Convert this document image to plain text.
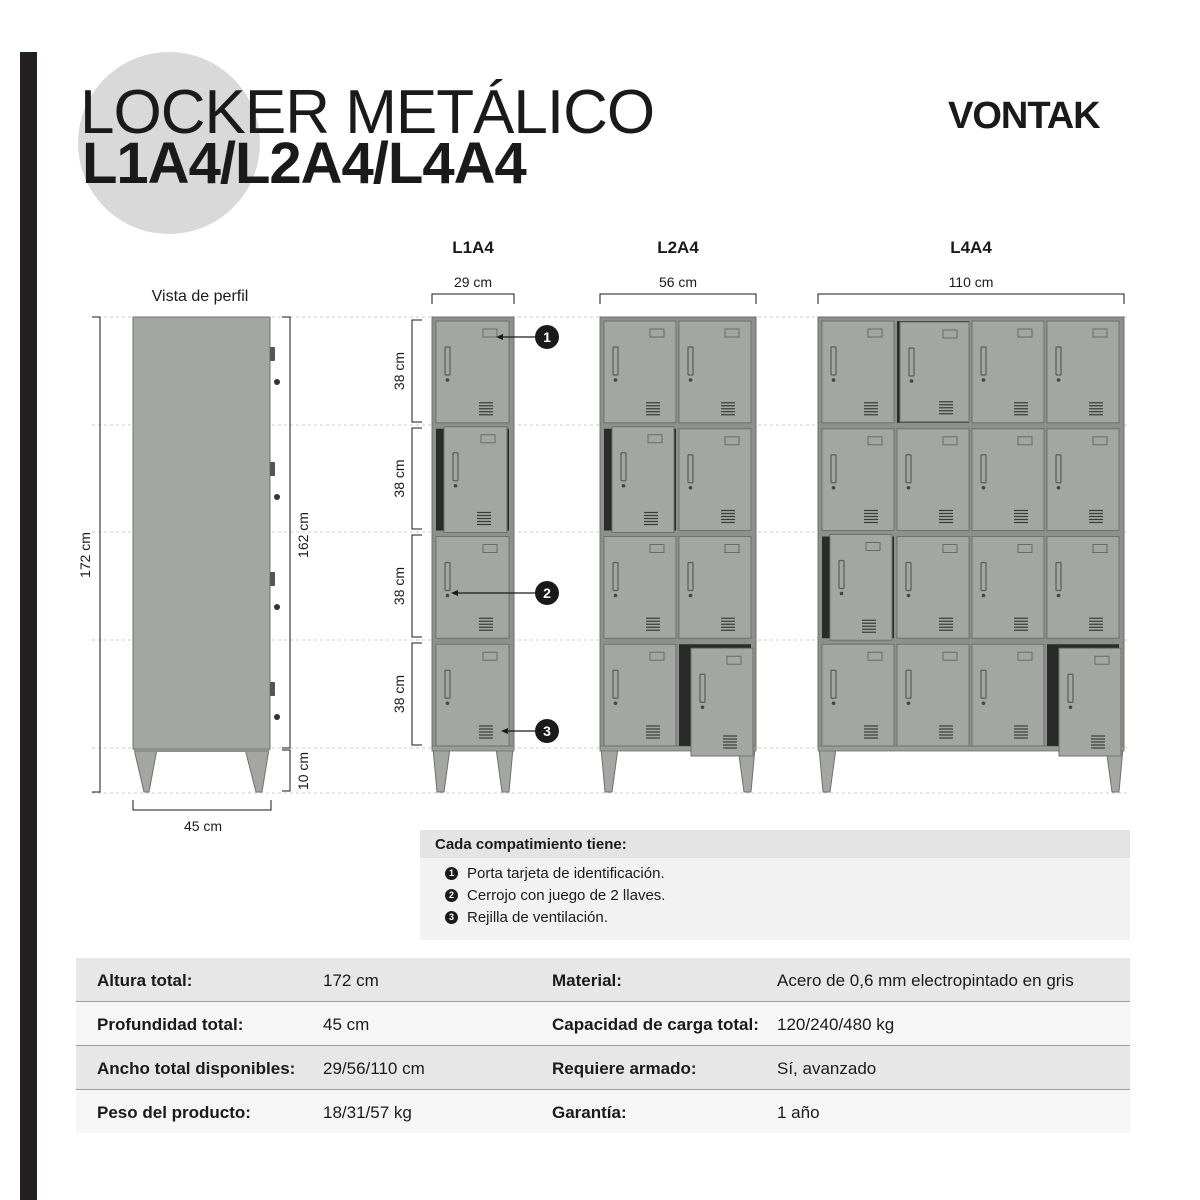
LOCKER METÁLICO
L1A4/L2A4/L4A4
VONTAK
Vista de perfil
172 cm	162 cm
10 cm
45 cm
38 cm
38 cm
38 cm
38 cm
L1A4
29 cm
L2A4
56 cm
L4A4
110 cm
1
2
3
Cada compatimiento tiene:
1 Porta tarjeta de identificación.
2 Cerrojo con juego de 2 llaves.
3 Rejilla de ventilación.
Altura total:	172 cm	Material:	Acero de 0,6 mm electropintado en gris
Profundidad total:	45 cm	Capacidad de carga total: 120/240/480 kg
Ancho total disponibles: 29/56/110 cm	Requiere armado:	Sí, avanzado
Peso del producto:	18/31/57 kg	Garantía:	1 año
